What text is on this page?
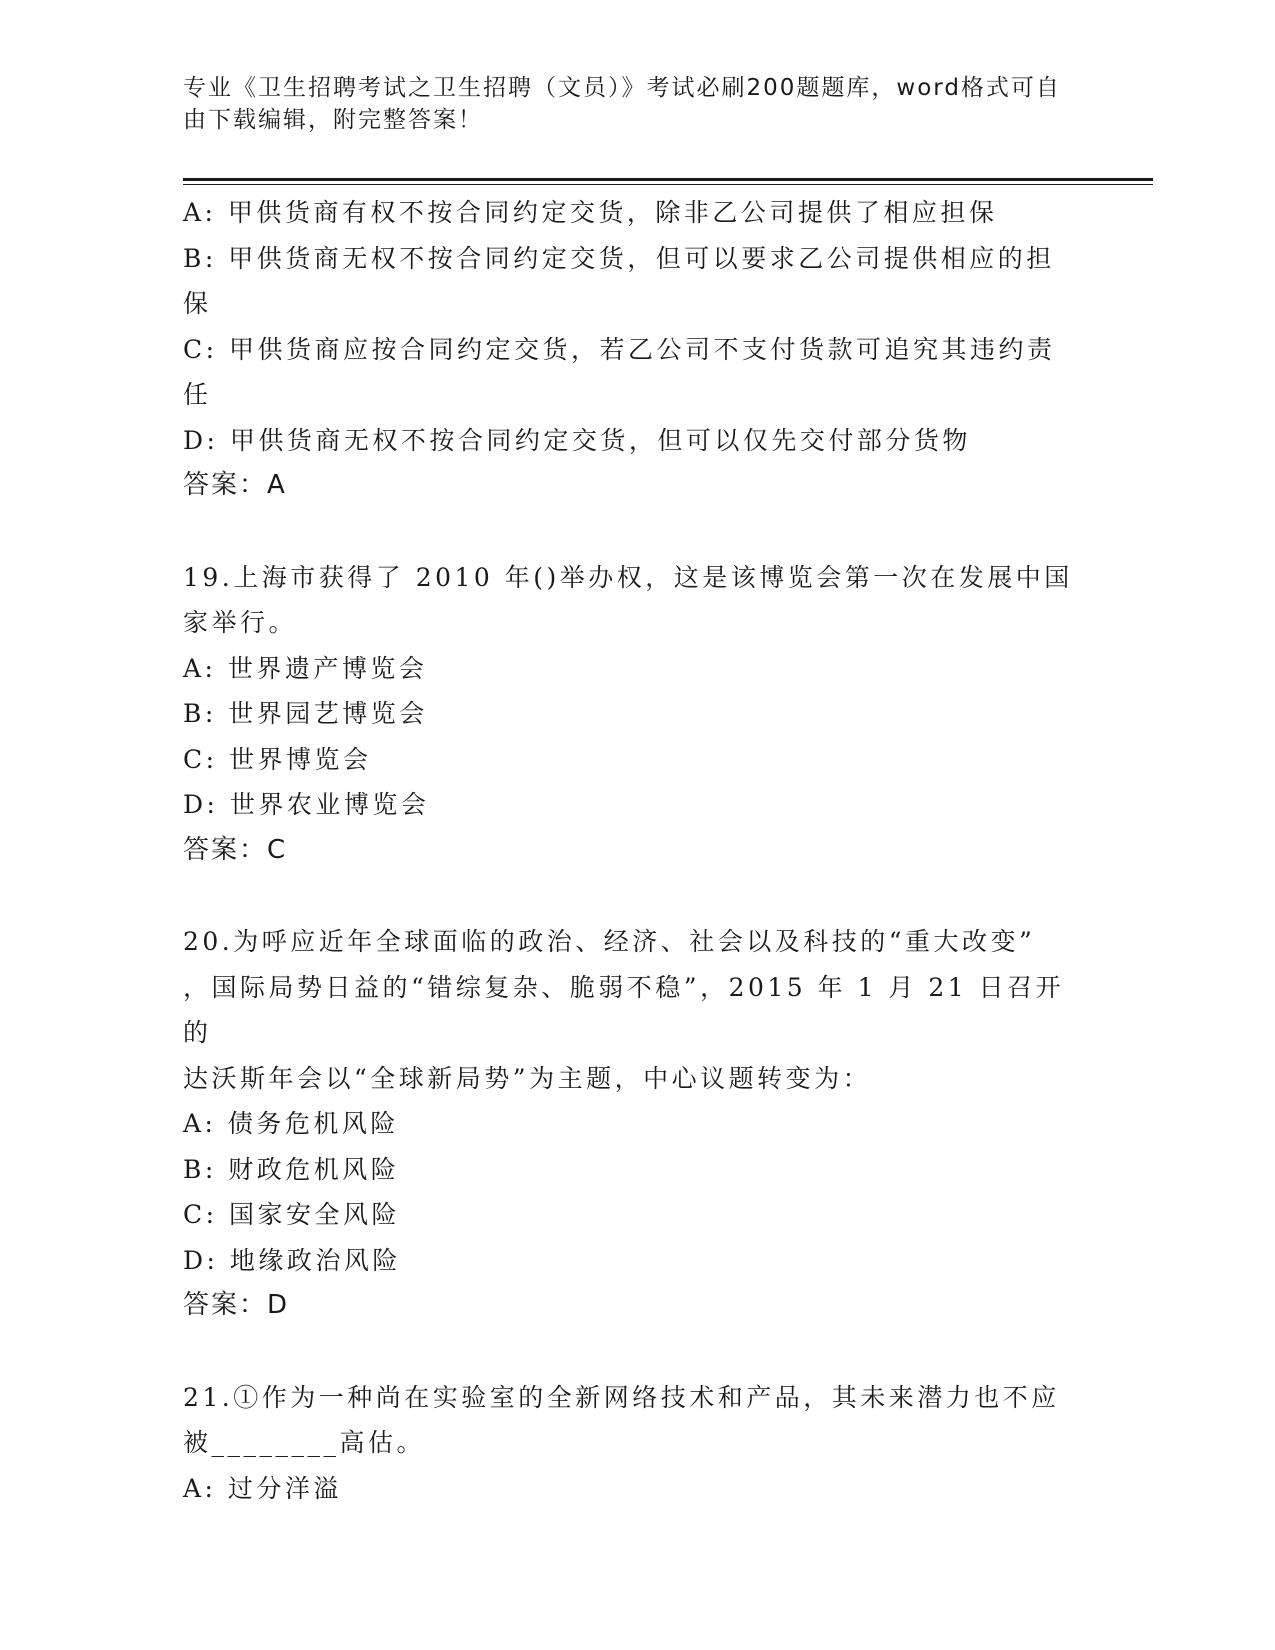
专业《卫生招聘考试之卫生招聘（文员）》考试必刷200题题库，word格式可自
由下载编辑，附完整答案！
A: 甲供货商有权不按合同约定交货，除非乙公司提供了相应担保
B: 甲供货商无权不按合同约定交货，但可以要求乙公司提供相应的担
保
C: 甲供货商应按合同约定交货，若乙公司不支付货款可追究其违约责
任
D: 甲供货商无权不按合同约定交货，但可以仅先交付部分货物
答案：A
19.上海市获得了 2010 年()举办权，这是该博览会第一次在发展中国
家举行。
A: 世界遗产博览会
B: 世界园艺博览会
C: 世界博览会
D: 世界农业博览会
答案：C
20.为呼应近年全球面临的政治、经济、社会以及科技的“重大改变”
，国际局势日益的“错综复杂、脆弱不稳”，2015 年 1 月 21 日召开的
达沃斯年会以“全球新局势”为主题，中心议题转变为：
A: 债务危机风险
B: 财政危机风险
C: 国家安全风险
D: 地缘政治风险
答案：D
21.①作为一种尚在实验室的全新网络技术和产品，其未来潜力也不应
被________高估。
A: 过分洋溢
